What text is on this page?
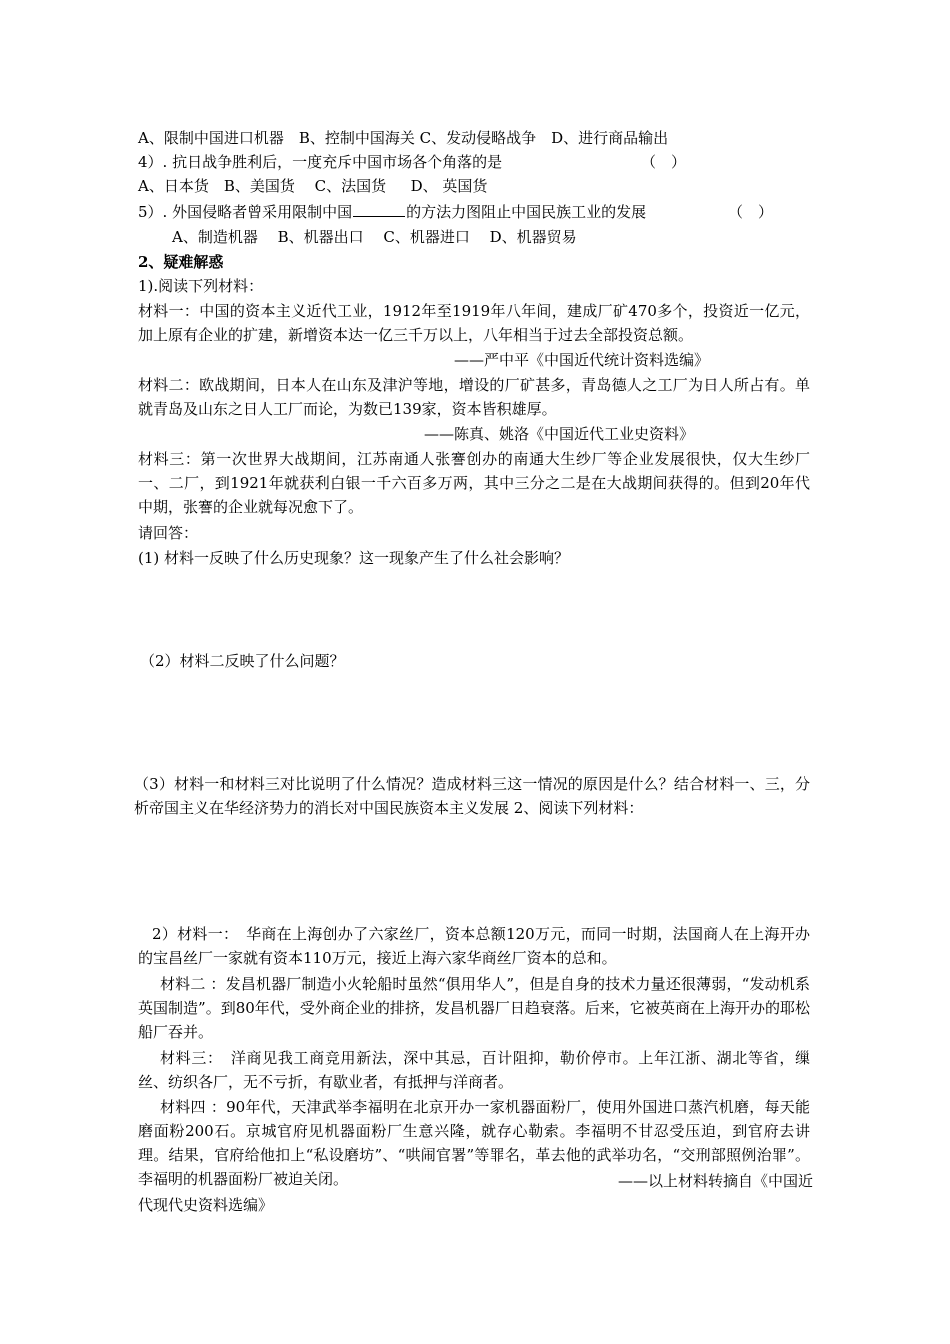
A、限制中国进口机器　B、控制中国海关 C、发动侵略战争　D、进行商品输出
4）. 抗日战争胜利后，一度充斥中国市场各个角落的是	（　）
A、日本货　B、美国货　 C、法国货 　 D、 英国货
5）. 外国侵略者曾采用限制中国	的方法力图阻止中国民族工业的发展	（　）
A、制造机器　 B、机器出口　 C、机器进口　 D、机器贸易
2、疑难解惑
1).阅读下列材料：
材料一：中国的资本主义近代工业，1912年至1919年八年间，建成厂矿470多个，投资近一亿元，加上原有企业的扩建，新增资本达一亿三千万以上，八年相当于过去全部投资总额。
——严中平《中国近代统计资料选编》
材料二：欧战期间，日本人在山东及津沪等地，增设的厂矿甚多，青岛德人之工厂为日人所占有。单就青岛及山东之日人工厂而论，为数已139家，资本皆积雄厚。
——陈真、姚洛《中国近代工业史资料》
材料三：第一次世界大战期间，江苏南通人张謇创办的南通大生纱厂等企业发展很快，仅大生纱厂一、二厂，到1921年就获利白银一千六百多万两，其中三分之二是在大战期间获得的。但到20年代中期，张謇的企业就每况愈下了。
请回答：
(1) 材料一反映了什么历史现象？这一现象产生了什么社会影响？
（2）材料二反映了什么问题？
（3）材料一和材料三对比说明了什么情况？造成材料三这一情况的原因是什么？结合材料一、三，分析帝国主义在华经济势力的消长对中国民族资本主义发展 2、阅读下列材料：
2）材料一：　华商在上海创办了六家丝厂，资本总额120万元，而同一时期，法国商人在上海开办的宝昌丝厂一家就有资本110万元，接近上海六家华商丝厂资本的总和。
材料二 ：发昌机器厂制造小火轮船时虽然“俱用华人”，但是自身的技术力量还很薄弱，“发动机系英国制造”。到80年代，受外商企业的排挤，发昌机器厂日趋衰落。后来，它被英商在上海开办的耶松船厂吞并。
材料三：　洋商见我工商竞用新法，深中其忌，百计阻抑，勒价停市。上年江浙、湖北等省，缫丝、纺织各厂，无不亏折，有歇业者，有抵押与洋商者。
材料四 ：90年代，天津武举李福明在北京开办一家机器面粉厂，使用外国进口蒸汽机磨，每天能磨面粉200石。京城官府见机器面粉厂生意兴隆，就存心勒索。李福明不甘忍受压迫，到官府去讲理。结果，官府给他扣上“私设磨坊”、“哄闹官署”等罪名，革去他的武举功名，“交刑部照例治罪”。李福明的机器面粉厂被迫关闭。	——以上材料转摘自《中国近代现代史资料选编》
